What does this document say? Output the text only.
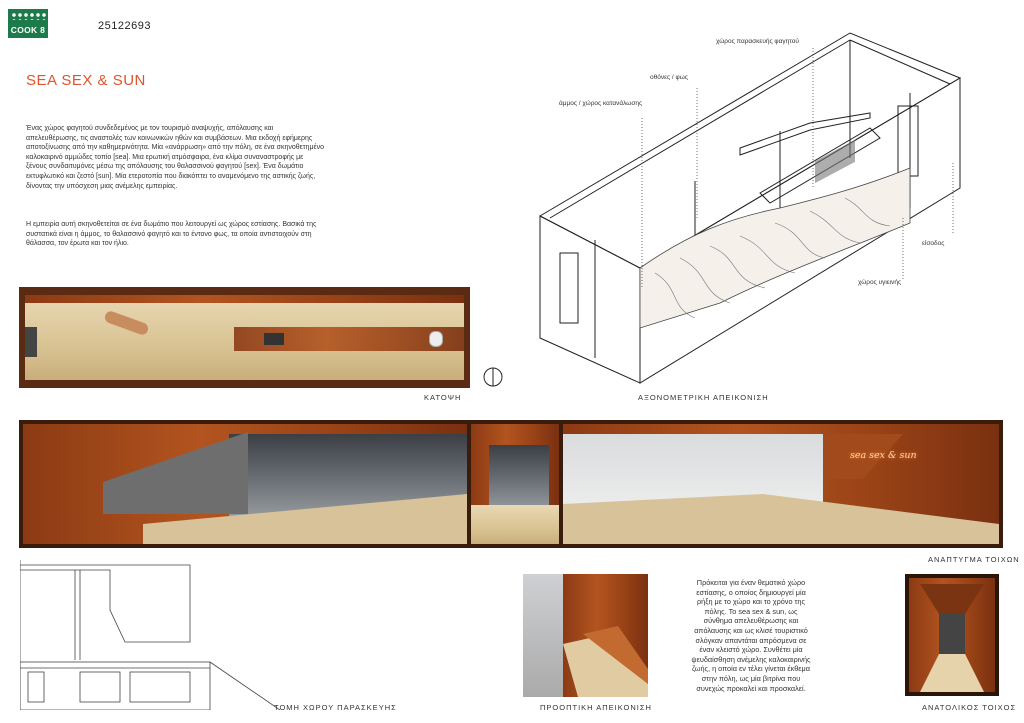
COOK 8	25122693
SEA SEX & SUN
Ένας χώρος φαγητού συνδεδεμένος με τον τουρισμό αναψυχής, απόλαυσης και απελευθέρωσης, τις αναστολές των κοινωνικών ηθών και συμβάσεων. Μια εκδοχή εφήμερης αποτοξίνωσης από την καθημερινότητα. Μία «ανάρρωση» από την πόλη, σε ένα σκηνοθετημένο καλοκαιρινό αμμώδες τοπίο [sea]. Μια ερωτική ατμόσφαιρα, ένα κλίμα συναναστροφής με ξένους συνδαιτυμόνες μέσω της απόλαυσης του θαλασσινού φαγητού [sex]. Ένα δωμάτιο εκτυφλωτικό και ζεστό [sun]. Μία ετεροτοπία που διακόπτει το αναμενόμενο της αστικής ζωής, δίνοντας την υπόσχεση μιας ανέμελης εμπειρίας.
Η εμπειρία αυτή σκηνοθετείται σε ένα δωμάτιο που λειτουργεί ως χώρος εστίασης. Βασικά της συστατικά είναι η άμμος, το θαλασσινό φαγητό και το έντονο φως, τα οποία αντιστοιχούν στη θάλασσα, τον έρωτα και τον ήλιο.
χώρος παρασκευής φαγητού
οθόνες / φως
άμμος / χώρος κατανάλωσης
είσοδος
χώρος υγιεινής
ΚΑΤΟΨΗ	ΑΞΟΝΟΜΕΤΡΙΚΗ ΑΠΕΙΚΟΝΙΣΗ
sea sex & sun
ΑΝΑΠΤΥΓΜΑ ΤΟΙΧΩΝ
ΤΟΜΗ ΧΩΡΟΥ ΠΑΡΑΣΚΕΥΗΣ	ΠΡΟΟΠΤΙΚΗ ΑΠΕΙΚΟΝΙΣΗ
Πρόκειται για έναν θεματικό χώρο εστίασης, ο οποίος δημιουργεί μία ρήξη με το χώρο και το χρόνο της πόλης. Το sea sex & sun, ως σύνθημα απελευθέρωσης και απόλαυσης και ως κλισέ τουριστικό σλόγκαν απαντάται απρόσμενα σε έναν κλειστό χώρο. Συνθέτει μία ψευδαίσθηση ανέμελης καλοκαιρινής ζωής, η οποία εν τέλει γίνεται έκθεμα στην πόλη, ως μία βιτρίνα που συνεχώς προκαλεί και προσκαλεί.
ΑΝΑΤΟΛΙΚΟΣ ΤΟΙΧΟΣ
